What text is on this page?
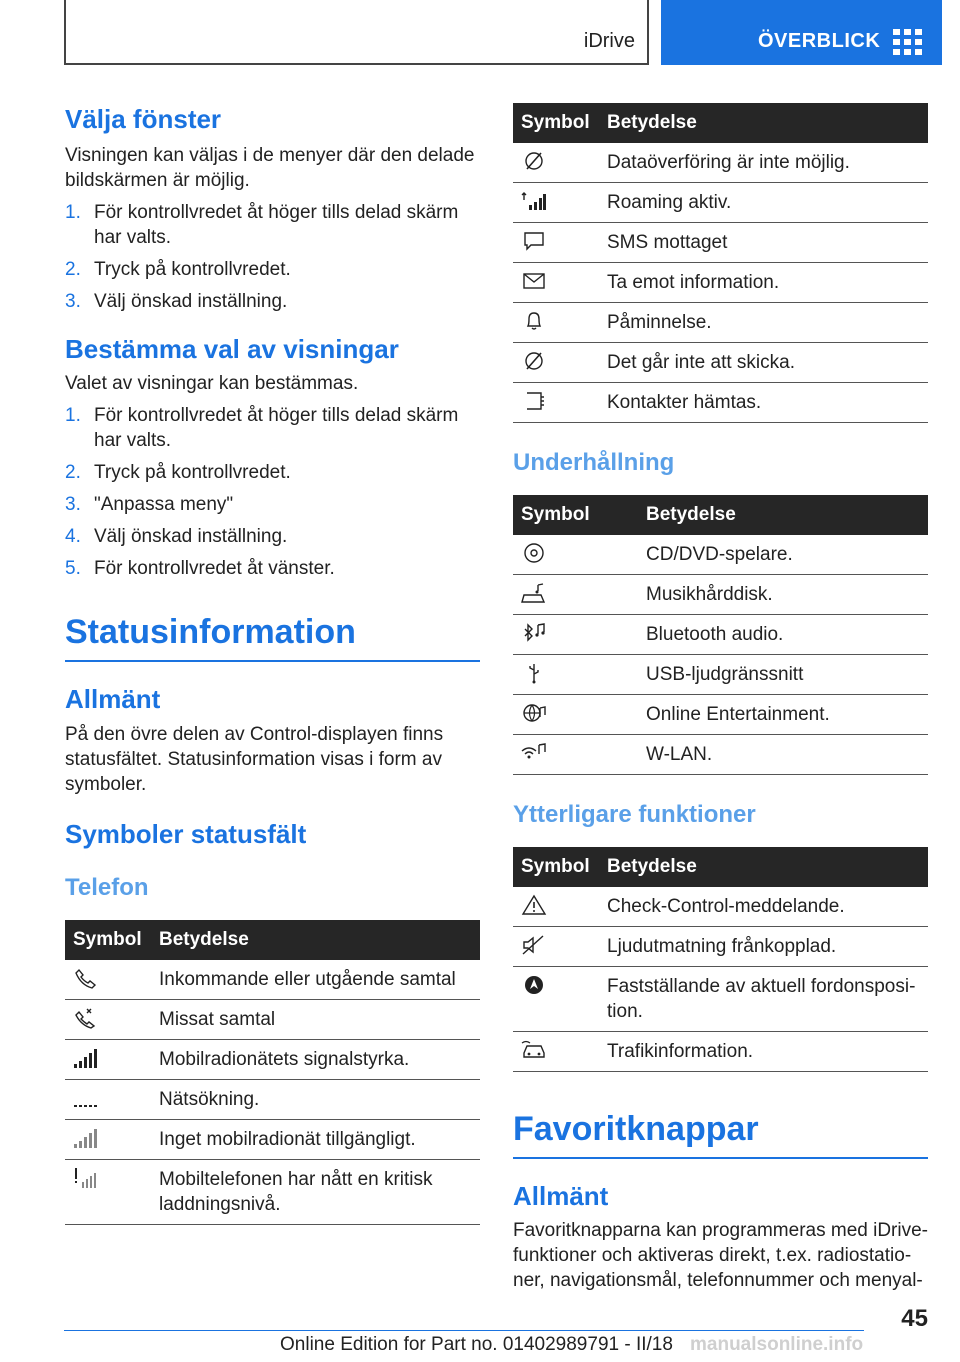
iDrive	ÖVERBLICK
Välja fönster

Visningen kan väljas i de menyer där den delade bildskärmen är möjlig.

1. För kontrollvredet åt höger tills delad skärm har valts.
2. Tryck på kontrollvredet.
3. Välj önskad inställning.
Bestämma val av visningar

Valet av visningar kan bestämmas.

1. För kontrollvredet åt höger tills delad skärm har valts.
2. Tryck på kontrollvredet.
3. "Anpassa meny"
4. Välj önskad inställning.
5. För kontrollvredet åt vänster.
Statusinformation
Allmänt

På den övre delen av Control-displayen finns statusfältet. Statusinformation visas i form av symboler.

Symboler statusfält
Telefon
Symbol	Betydelse
	Inkommande eller utgående samtal
	Missat samtal
	Mobilradionätets signalstyrka.
	Nätsökning.
	Inget mobilradionät tillgängligt.
	Mobiltelefonen har nått en kritisk laddningsnivå.
Symbol	Betydelse
	Dataöverföring är inte möjlig.
	Roaming aktiv.
	SMS mottaget
	Ta emot information.
	Påminnelse.
	Det går inte att skicka.
	Kontakter hämtas.
Underhållning
Symbol	Betydelse
	CD/DVD-spelare.
	Musikhårddisk.
	Bluetooth audio.
	USB-ljudgränssnitt
	Online Entertainment.
	W-LAN.
Ytterligare funktioner
Symbol	Betydelse
	Check-Control-meddelande.
	Ljudutmatning frånkopplad.
	Fastställande av aktuell fordonsposition.
	Trafikinformation.
Favoritknappar
Allmänt

Favoritknapparna kan programmeras med iDrive-funktioner och aktiveras direkt, t.ex. radiostationer, navigationsmål, telefonnummer och menyal-

45
Online Edition for Part no. 01402989791 - II/18 manualsonline.info
